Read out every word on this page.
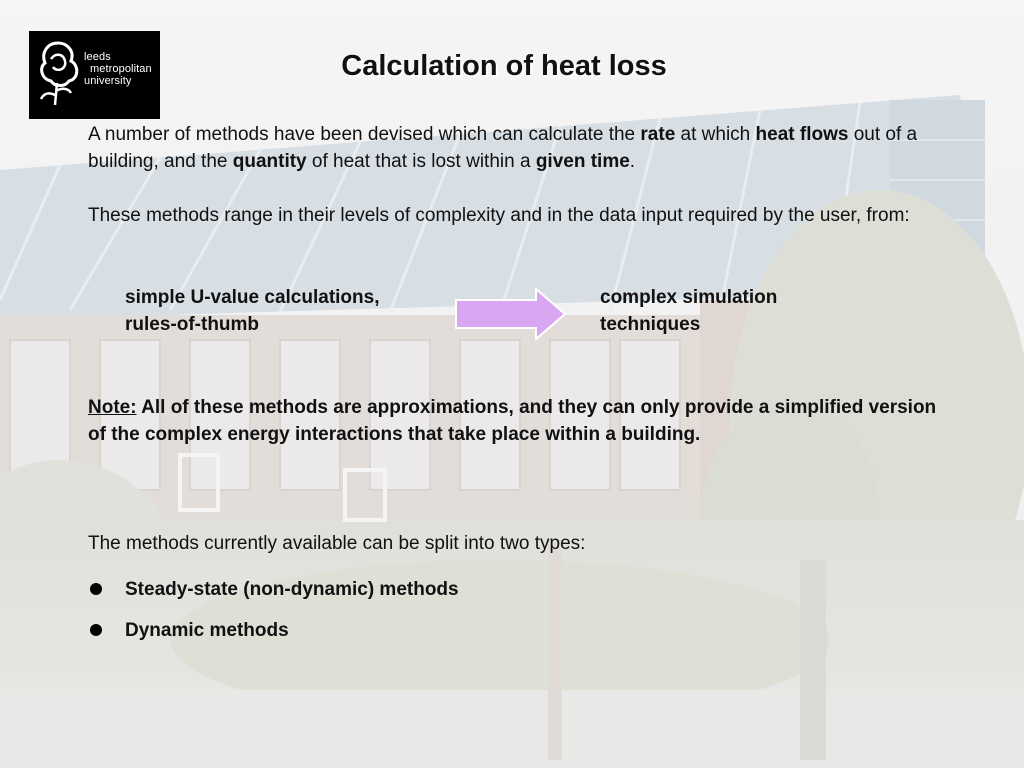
leeds
metropolitan
university	Calculation of heat loss
A number of methods have been devised which can calculate the rate at which heat flows out of a building, and the quantity of heat that is lost within a given time.
These methods range in their levels of complexity and in the data input required by the user, from:
simple U-value calculations,
rules-of-thumb
complex simulation
techniques
Note: All of these methods are approximations, and they can only provide a simplified version of the complex energy interactions that take place within a building.
The methods currently available can be split into two types:
Steady-state (non-dynamic) methods
Dynamic methods
